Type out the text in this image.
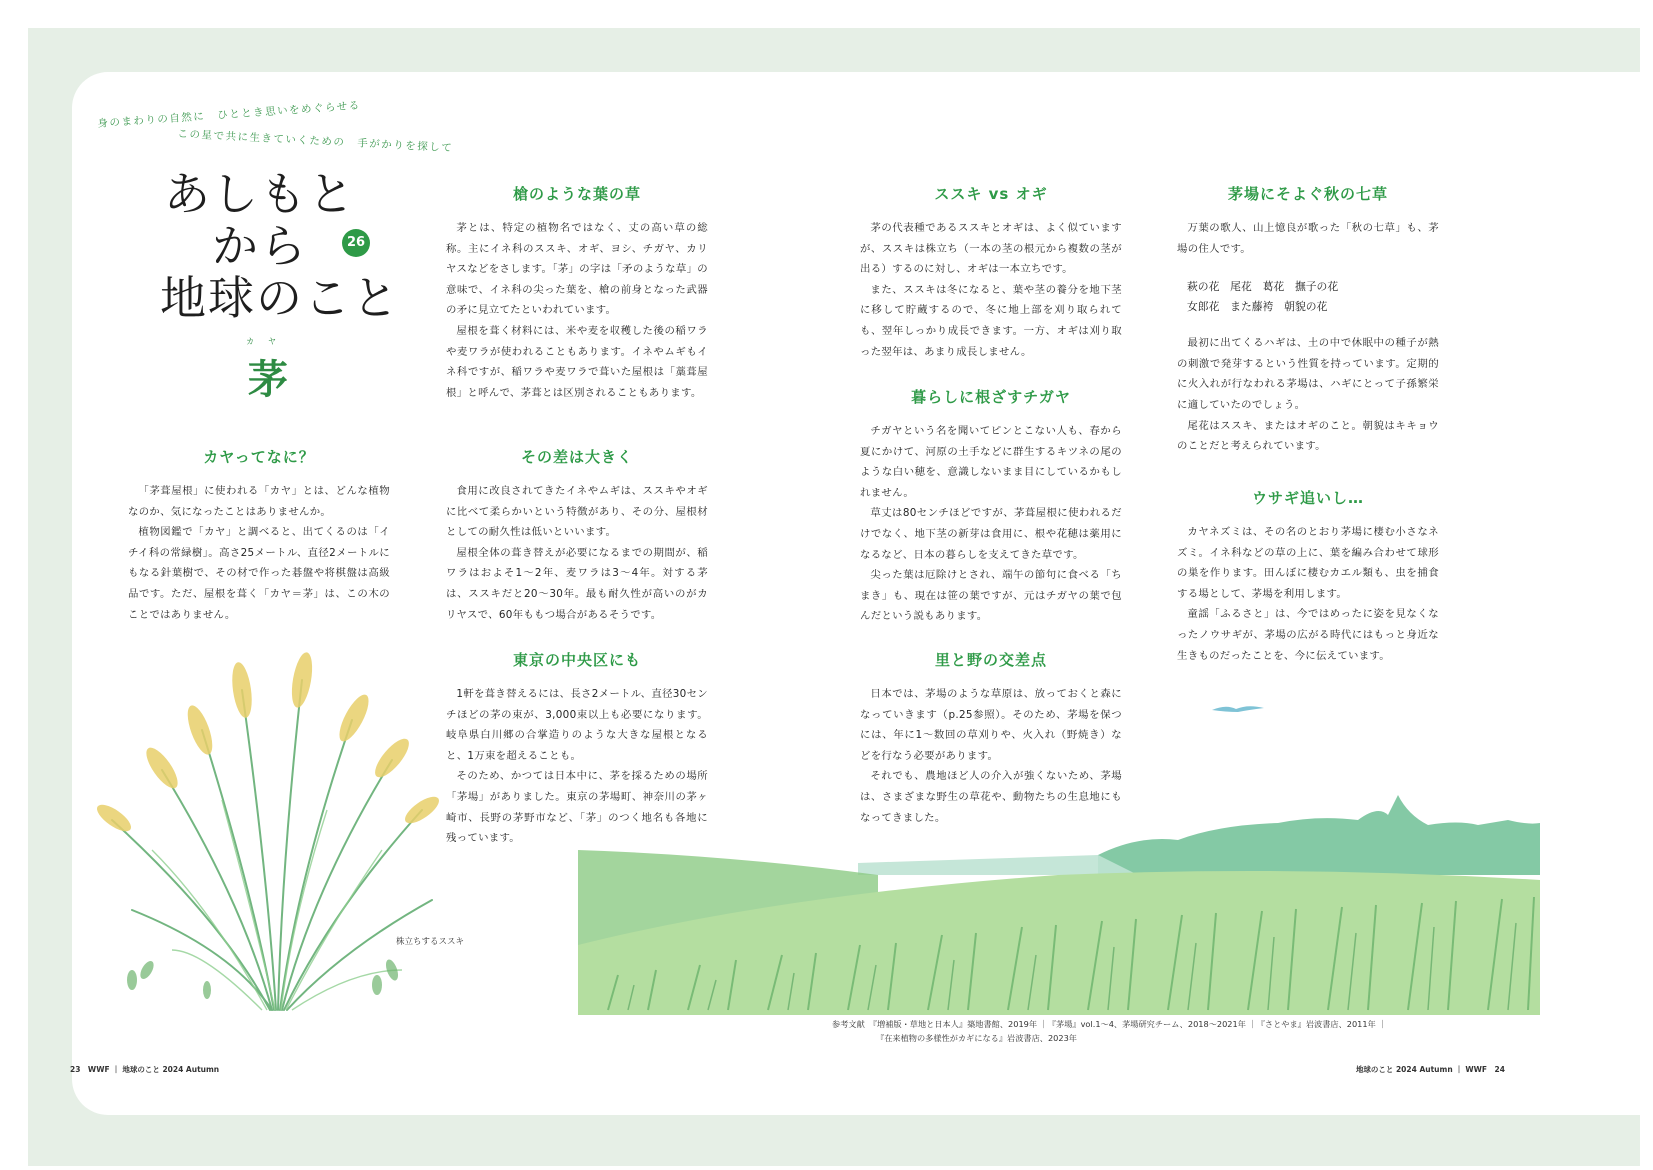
身のまわりの自然に　ひととき思いをめぐらせる
この星で共に生きていくための　手がかりを探して
あしもと
から
地球のこと
26
カヤ
茅
カヤってなに？

「茅葺屋根」に使われる「カヤ」とは、どんな植物なのか、気になったことはありませんか。

植物図鑑で「カヤ」と調べると、出てくるのは「イチイ科の常緑樹」。高さ25メートル、直径2メートルにもなる針葉樹で、その材で作った碁盤や将棋盤は高級品です。ただ、屋根を葺く「カヤ＝茅」は、この木のことではありません。

槍のような葉の草

茅とは、特定の植物名ではなく、丈の高い草の総称。主にイネ科のススキ、オギ、ヨシ、チガヤ、カリヤスなどをさします。「茅」の字は「矛のような草」の意味で、イネ科の尖った葉を、槍の前身となった武器の矛に見立てたといわれています。

屋根を葺く材料には、米や麦を収穫した後の稲ワラや麦ワラが使われることもあります。イネやムギもイネ科ですが、稲ワラや麦ワラで葺いた屋根は「藁葺屋根」と呼んで、茅葺とは区別されることもあります。

その差は大きく

食用に改良されてきたイネやムギは、ススキやオギに比べて柔らかいという特徴があり、その分、屋根材としての耐久性は低いといいます。

屋根全体の葺き替えが必要になるまでの期間が、稲ワラはおよそ1～2年、麦ワラは3～4年。対する茅は、ススキだと20～30年。最も耐久性が高いのがカリヤスで、60年ももつ場合があるそうです。

東京の中央区にも

1軒を葺き替えるには、長さ2メートル、直径30センチほどの茅の束が、3,000束以上も必要になります。岐阜県白川郷の合掌造りのような大きな屋根となると、1万束を超えることも。

そのため、かつては日本中に、茅を採るための場所「茅場」がありました。東京の茅場町、神奈川の茅ヶ崎市、長野の茅野市など、「茅」のつく地名も各地に残っています。

ススキ vs オギ

茅の代表種であるススキとオギは、よく似ていますが、ススキは株立ち（一本の茎の根元から複数の茎が出る）するのに対し、オギは一本立ちです。

また、ススキは冬になると、葉や茎の養分を地下茎に移して貯蔵するので、冬に地上部を刈り取られても、翌年しっかり成長できます。一方、オギは刈り取った翌年は、あまり成長しません。

暮らしに根ざすチガヤ

チガヤという名を聞いてピンとこない人も、春から夏にかけて、河原の土手などに群生するキツネの尾のような白い穂を、意識しないまま目にしているかもしれません。

草丈は80センチほどですが、茅葺屋根に使われるだけでなく、地下茎の新芽は食用に、根や花穂は薬用になるなど、日本の暮らしを支えてきた草です。

尖った葉は厄除けとされ、端午の節句に食べる「ちまき」も、現在は笹の葉ですが、元はチガヤの葉で包んだという説もあります。

里と野の交差点

日本では、茅場のような草原は、放っておくと森になっていきます（p.25参照）。そのため、茅場を保つには、年に1～数回の草刈りや、火入れ（野焼き）などを行なう必要があります。

それでも、農地ほど人の介入が強くないため、茅場は、さまざまな野生の草花や、動物たちの生息地にもなってきました。

茅場にそよぐ秋の七草

万葉の歌人、山上憶良が歌った「秋の七草」も、茅場の住人です。

萩の花　尾花　葛花　撫子の花
女郎花　また藤袴　朝貌の花

最初に出てくるハギは、土の中で休眠中の種子が熱の刺激で発芽するという性質を持っています。定期的に火入れが行なわれる茅場は、ハギにとって子孫繁栄に適していたのでしょう。

尾花はススキ、またはオギのこと。朝貌はキキョウのことだと考えられています。

ウサギ追いし…

カヤネズミは、その名のとおり茅場に棲む小さなネズミ。イネ科などの草の上に、葉を編み合わせて球形の巣を作ります。田んぼに棲むカエル類も、虫を捕食する場として、茅場を利用します。

童謡「ふるさと」は、今ではめったに姿を見なくなったノウサギが、茅場の広がる時代にはもっと身近な生きものだったことを、今に伝えています。

株立ちするススキ
参考文献　『増補版・草地と日本人』築地書館、2019年 ｜『茅場』vol.1～4、茅場研究チーム、2018～2021年 ｜『さとやま』岩波書店、2011年 ｜
『在来植物の多様性がカギになる』岩波書店、2023年
23　WWF ｜ 地球のこと 2024 Autumn	地球のこと 2024 Autumn ｜ WWF　24
